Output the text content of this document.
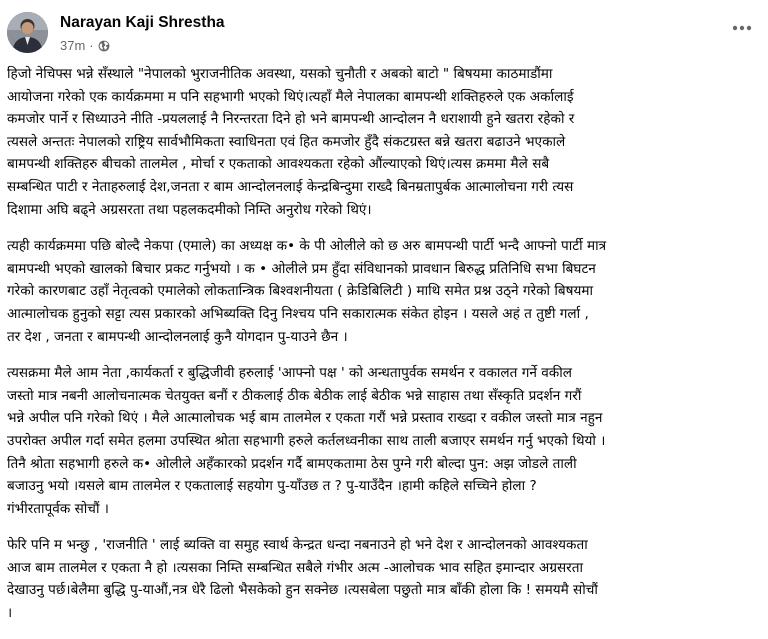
Narayan Kaji Shrestha
37m ·

हिजो नेचिफ्स भन्ने सँस्थाले "नेपालको भुराजनीतिक अवस्था, यसको चुनौती र अबको बाटो " बिषयमा काठमाडौंमा
आयोजना गरेको एक कार्यक्रममा म पनि सहभागी भएको थिएं।त्यहाँ मैले नेपालका बामपन्थी शक्तिहरुले एक अर्कालाई
कमजोर पार्ने र सिध्याउने नीति -प्रयललाई नै निरन्तरता दिने हो भने बामपन्थी आन्दोलन नै धराशायी हुने खतरा रहेको र
त्यसले अन्ततः नेपालको राष्ट्रिय सार्वभौमिकता स्वाधिनता एवं हित कमजोर हुँदै संकटग्रस्त बन्ने खतरा बढाउने भएकाले
बामपन्थी शक्तिहरु बीचको तालमेल , मोर्चा र एकताको आवश्यकता रहेको औंल्याएको थिएं।त्यस क्रममा मैले सबै
सम्बन्धित पाटी र नेताहरुलाई देश,जनता र बाम आन्दोलनलाई केन्द्रबिन्दुमा राख्दै बिनम्रतापुर्बक आत्मालोचना गरी त्यस
दिशामा अघि बढ्ने अग्रसरता तथा पहलकदमीको निम्ति अनुरोध गरेको थिएं।

त्यही कार्यक्रममा पछि बोल्दै नेकपा (एमाले) का अध्यक्ष क• के पी ओलीले को छ अरु बामपन्थी पार्टी भन्दै आफ्नो पार्टी मात्र
बामपन्थी भएको खालको बिचार प्रकट गर्नुभयो । क • ओलीले प्रम हुँदा संविधानको प्रावधान बिरुद्ध प्रतिनिधि सभा बिघटन
गरेको कारणबाट उहाँ नेतृत्वको एमालेको लोकतान्त्रिक बिश्वशनीयता ( क्रेडिबिलिटी ) माथि समेत प्रश्न उठ्ने गरेको बिषयमा
आत्मालोचक हुनुको सट्टा त्यस प्रकारको अभिब्यक्ति दिनु निश्चय पनि सकारात्मक संकेत होइन । यसले अहं त तुष्टी गर्ला ,
तर देश , जनता र बामपन्थी आन्दोलनलाई कुनै योगदान पु-याउने छैन ।

त्यसक्रमा मैले आम नेता ,कार्यकर्ता र बुद्धिजीवी हरुलाई 'आफ्नो पक्ष ' को अन्धतापुर्वक समर्थन र वकालत गर्ने वकील
जस्तो मात्र नबनी आलोचनात्मक चेतयुक्त बनौं र ठीकलाई ठीक बेठीक लाई बेठीक भन्ने साहास तथा सँस्कृति प्रदर्शन गरौं
भन्ने अपील पनि गरेको थिएं । मैले आत्मालोचक भई बाम तालमेल र एकता गरौं भन्ने प्रस्ताव राख्दा र वकील जस्तो मात्र नहुन
उपरोक्त अपील गर्दा समेत हलमा उपस्थित श्रोता सहभागी हरुले कर्तलध्वनीका साथ ताली बजाएर समर्थन गर्नु भएको थियो ।
तिनै श्रोता सहभागी हरुले क• ओलीले अहँकारको प्रदर्शन गर्दै बामएकतामा ठेस पुग्ने गरी बोल्दा पुन: अझ जोडले ताली
बजाउनु भयो ।यसले बाम तालमेल र एकतालाई सहयोग पु-याँउछ त ? पु-याउँदैन ।हामी कहिले सच्चिने होला ?
गंभीरतापूर्वक सोचौं ।

फेरि पनि म भन्छु , 'राजनीति ' लाई ब्यक्ति वा समुह स्वार्थ केन्द्रत धन्दा नबनाउने हो भने देश र आन्दोलनको आवश्यकता
आज बाम तालमेल र एकता नै हो ।त्यसका निम्ति सम्बन्धित सबैले गंभीर अत्म -आलोचक भाव सहित इमान्दार अग्रसरता
देखाउनु पर्छ।बेलैमा बुद्धि पु-याऔं,नत्र धेरै ढिलो भैसकेको हुन सक्नेछ ।त्यसबेला पछुतो मात्र बाँकी होला कि ! समयमै सोचौं
।
